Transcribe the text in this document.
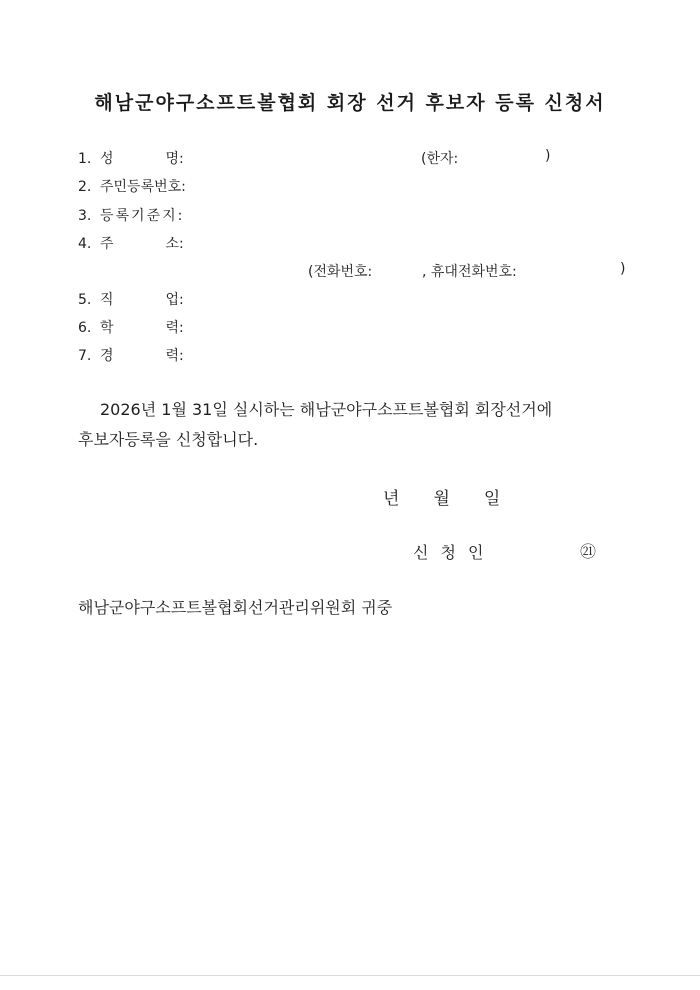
해남군야구소프트볼협회 회장 선거 후보자 등록 신청서
1. 성	명:	(한자:	)
2. 주민등록번호:
3. 등록기준지:
4. 주	소:
(전화번호:	, 휴대전화번호:	)
5. 직	업:
6. 학	력:
7. 경	력:
2026년 1월 31일 실시하는 해남군야구소프트볼협회 회장선거에
후보자등록을 신청합니다.
년 월 일
신 청 인	㉑
해남군야구소프트볼협회선거관리위원회 귀중
